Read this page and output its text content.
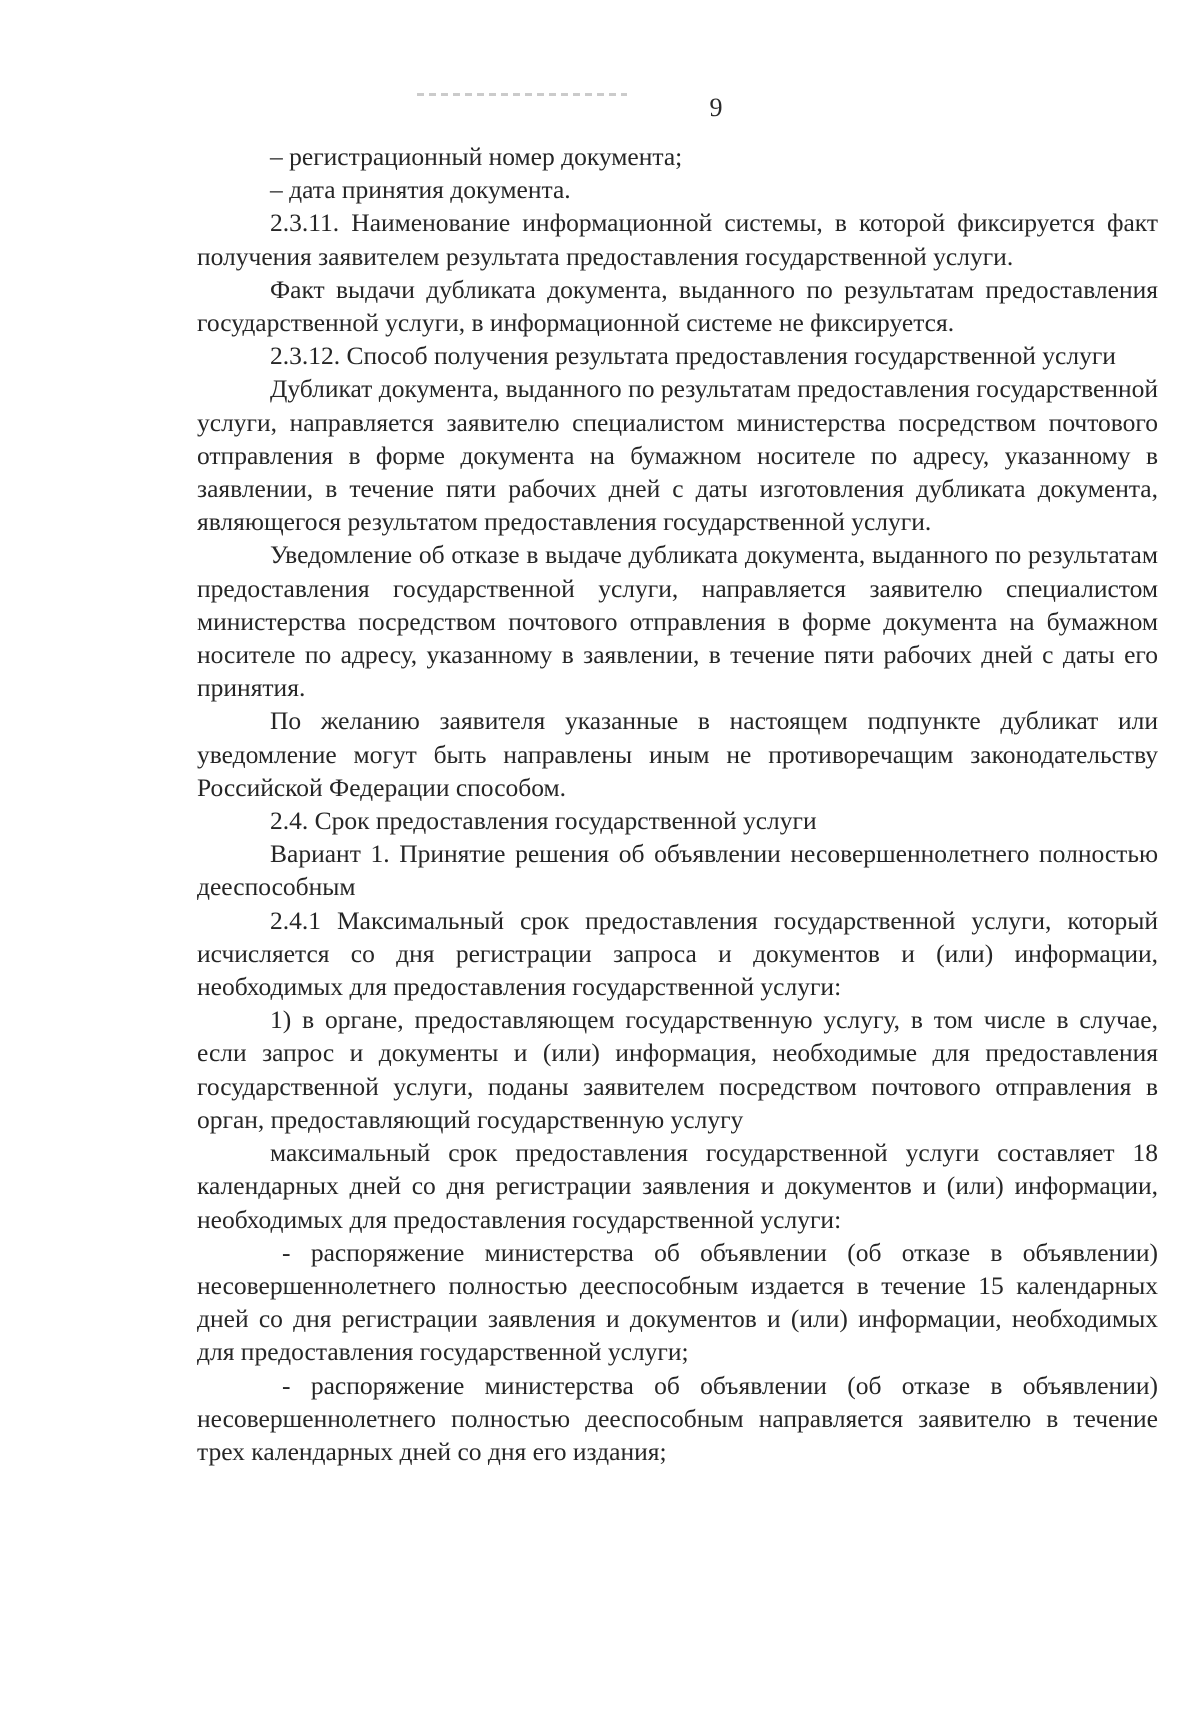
9

– регистрационный номер документа;

– дата принятия документа.

2.3.11. Наименование информационной системы, в которой фиксируется факт получения заявителем результата предоставления государственной услуги.

Факт выдачи дубликата документа, выданного по результатам предоставления государственной услуги, в информационной системе не фиксируется.

2.3.12. Способ получения результата предоставления государственной услуги

Дубликат документа, выданного по результатам предоставления государственной услуги, направляется заявителю специалистом министерства посредством почтового отправления в форме документа на бумажном носителе по адресу, указанному в заявлении, в течение пяти рабочих дней с даты изготовления дубликата документа, являющегося результатом предоставления государственной услуги.

Уведомление об отказе в выдаче дубликата документа, выданного по результатам предоставления государственной услуги, направляется заявителю специалистом министерства посредством почтового отправления в форме документа на бумажном носителе по адресу, указанному в заявлении, в течение пяти рабочих дней с даты его принятия.

По желанию заявителя указанные в настоящем подпункте дубликат или уведомление могут быть направлены иным не противоречащим законодательству Российской Федерации способом.

2.4. Срок предоставления государственной услуги

Вариант 1. Принятие решения об объявлении несовершеннолетнего полностью дееспособным

2.4.1 Максимальный срок предоставления государственной услуги, который исчисляется со дня регистрации запроса и документов и (или) информации, необходимых для предоставления государственной услуги:

1) в органе, предоставляющем государственную услугу, в том числе в случае, если запрос и документы и (или) информация, необходимые для предоставления государственной услуги, поданы заявителем посредством почтового отправления в орган, предоставляющий государственную услугу

максимальный срок предоставления государственной услуги составляет 18 календарных дней со дня регистрации заявления и документов и (или) информации, необходимых для предоставления государственной услуги:

- распоряжение министерства об объявлении (об отказе в объявлении) несовершеннолетнего полностью дееспособным издается в течение 15 календарных дней со дня регистрации заявления и документов и (или) информации, необходимых для предоставления государственной услуги;

- распоряжение министерства об объявлении (об отказе в объявлении) несовершеннолетнего полностью дееспособным направляется заявителю в течение трех календарных дней со дня его издания;
